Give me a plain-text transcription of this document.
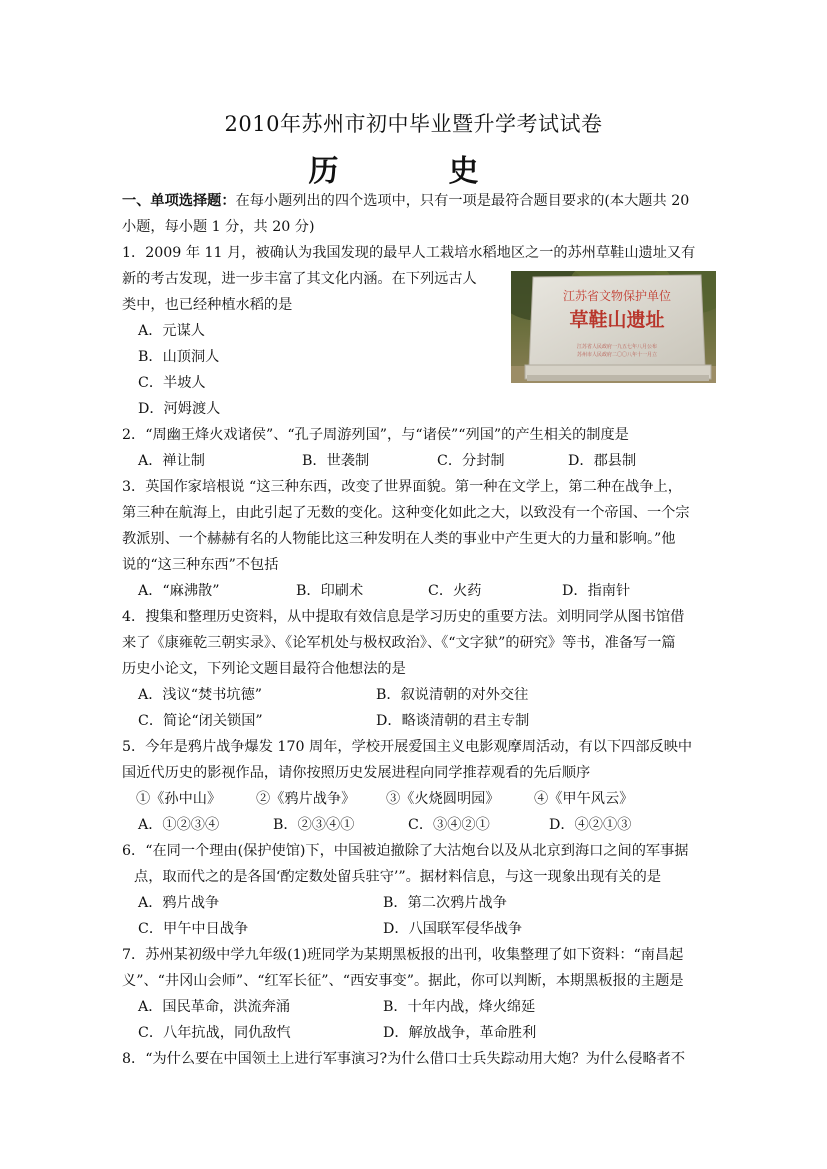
2010年苏州市初中毕业暨升学考试试卷
历　史
一、单项选择题：在每小题列出的四个选项中，只有一项是最符合题目要求的(本大题共 20
小题，每小题 1 分，共 20 分)
1．2009 年 11 月，被确认为我国发现的最早人工栽培水稻地区之一的苏州草鞋山遗址又有
新的考古发现，进一步丰富了其文化内涵。在下列远古人
类中，也已经种植水稻的是
A．元谋人
B．山顶洞人
C．半坡人
D．河姆渡人
江苏省文物保护单位
草鞋山遗址
江苏省人民政府一九五七年八月公布
苏州市人民政府二〇〇八年十一月立
2．“周幽王烽火戏诸侯”、“孔子周游列国”，与“诸侯”“列国”的产生相关的制度是
A．禅让制	B．世袭制	C．分封制	D．郡县制
3．英国作家培根说 “这三种东西，改变了世界面貌。第一种在文学上，第二种在战争上，
第三种在航海上，由此引起了无数的变化。这种变化如此之大，以致没有一个帝国、一个宗
教派别、一个赫赫有名的人物能比这三种发明在人类的事业中产生更大的力量和影响。”他
说的“这三种东西”不包括
A．“麻沸散”	B．印刷术	C．火药	D．指南针
4．搜集和整理历史资料，从中提取有效信息是学习历史的重要方法。刘明同学从图书馆借
来了《康雍乾三朝实录》、《论军机处与极权政治》、《“文字狱”的研究》等书，准备写一篇
历史小论文，下列论文题目最符合他想法的是
A．浅议“焚书坑德”	B．叙说清朝的对外交往
C．简论“闭关锁国”	D．略谈清朝的君主专制
5．今年是鸦片战争爆发 170 周年，学校开展爱国主义电影观摩周活动，有以下四部反映中
国近代历史的影视作品，请你按照历史发展进程向同学推荐观看的先后顺序
①《孙中山》 ②《鸦片战争》 ③《火烧圆明园》 ④《甲午风云》
A．①②③④	B．②③④①	C．③④②①	D．④②①③
6．“在同一个理由(保护使馆)下，中国被迫撤除了大沽炮台以及从北京到海口之间的军事据
点，取而代之的是各国‘酌定数处留兵驻守’”。据材料信息，与这一现象出现有关的是
A．鸦片战争	B．第二次鸦片战争
C．甲午中日战争	D．八国联军侵华战争
7．苏州某初级中学九年级(1)班同学为某期黑板报的出刊，收集整理了如下资料：“南昌起
义”、“井冈山会师”、“红军长征”、“西安事变”。据此，你可以判断，本期黑板报的主题是
A．国民革命，洪流奔涌	B．十年内战，烽火绵延
C．八年抗战，同仇敌忾	D．解放战争，革命胜利
8．“为什么要在中国领土上进行军事演习?为什么借口士兵失踪动用大炮？为什么侵略者不
